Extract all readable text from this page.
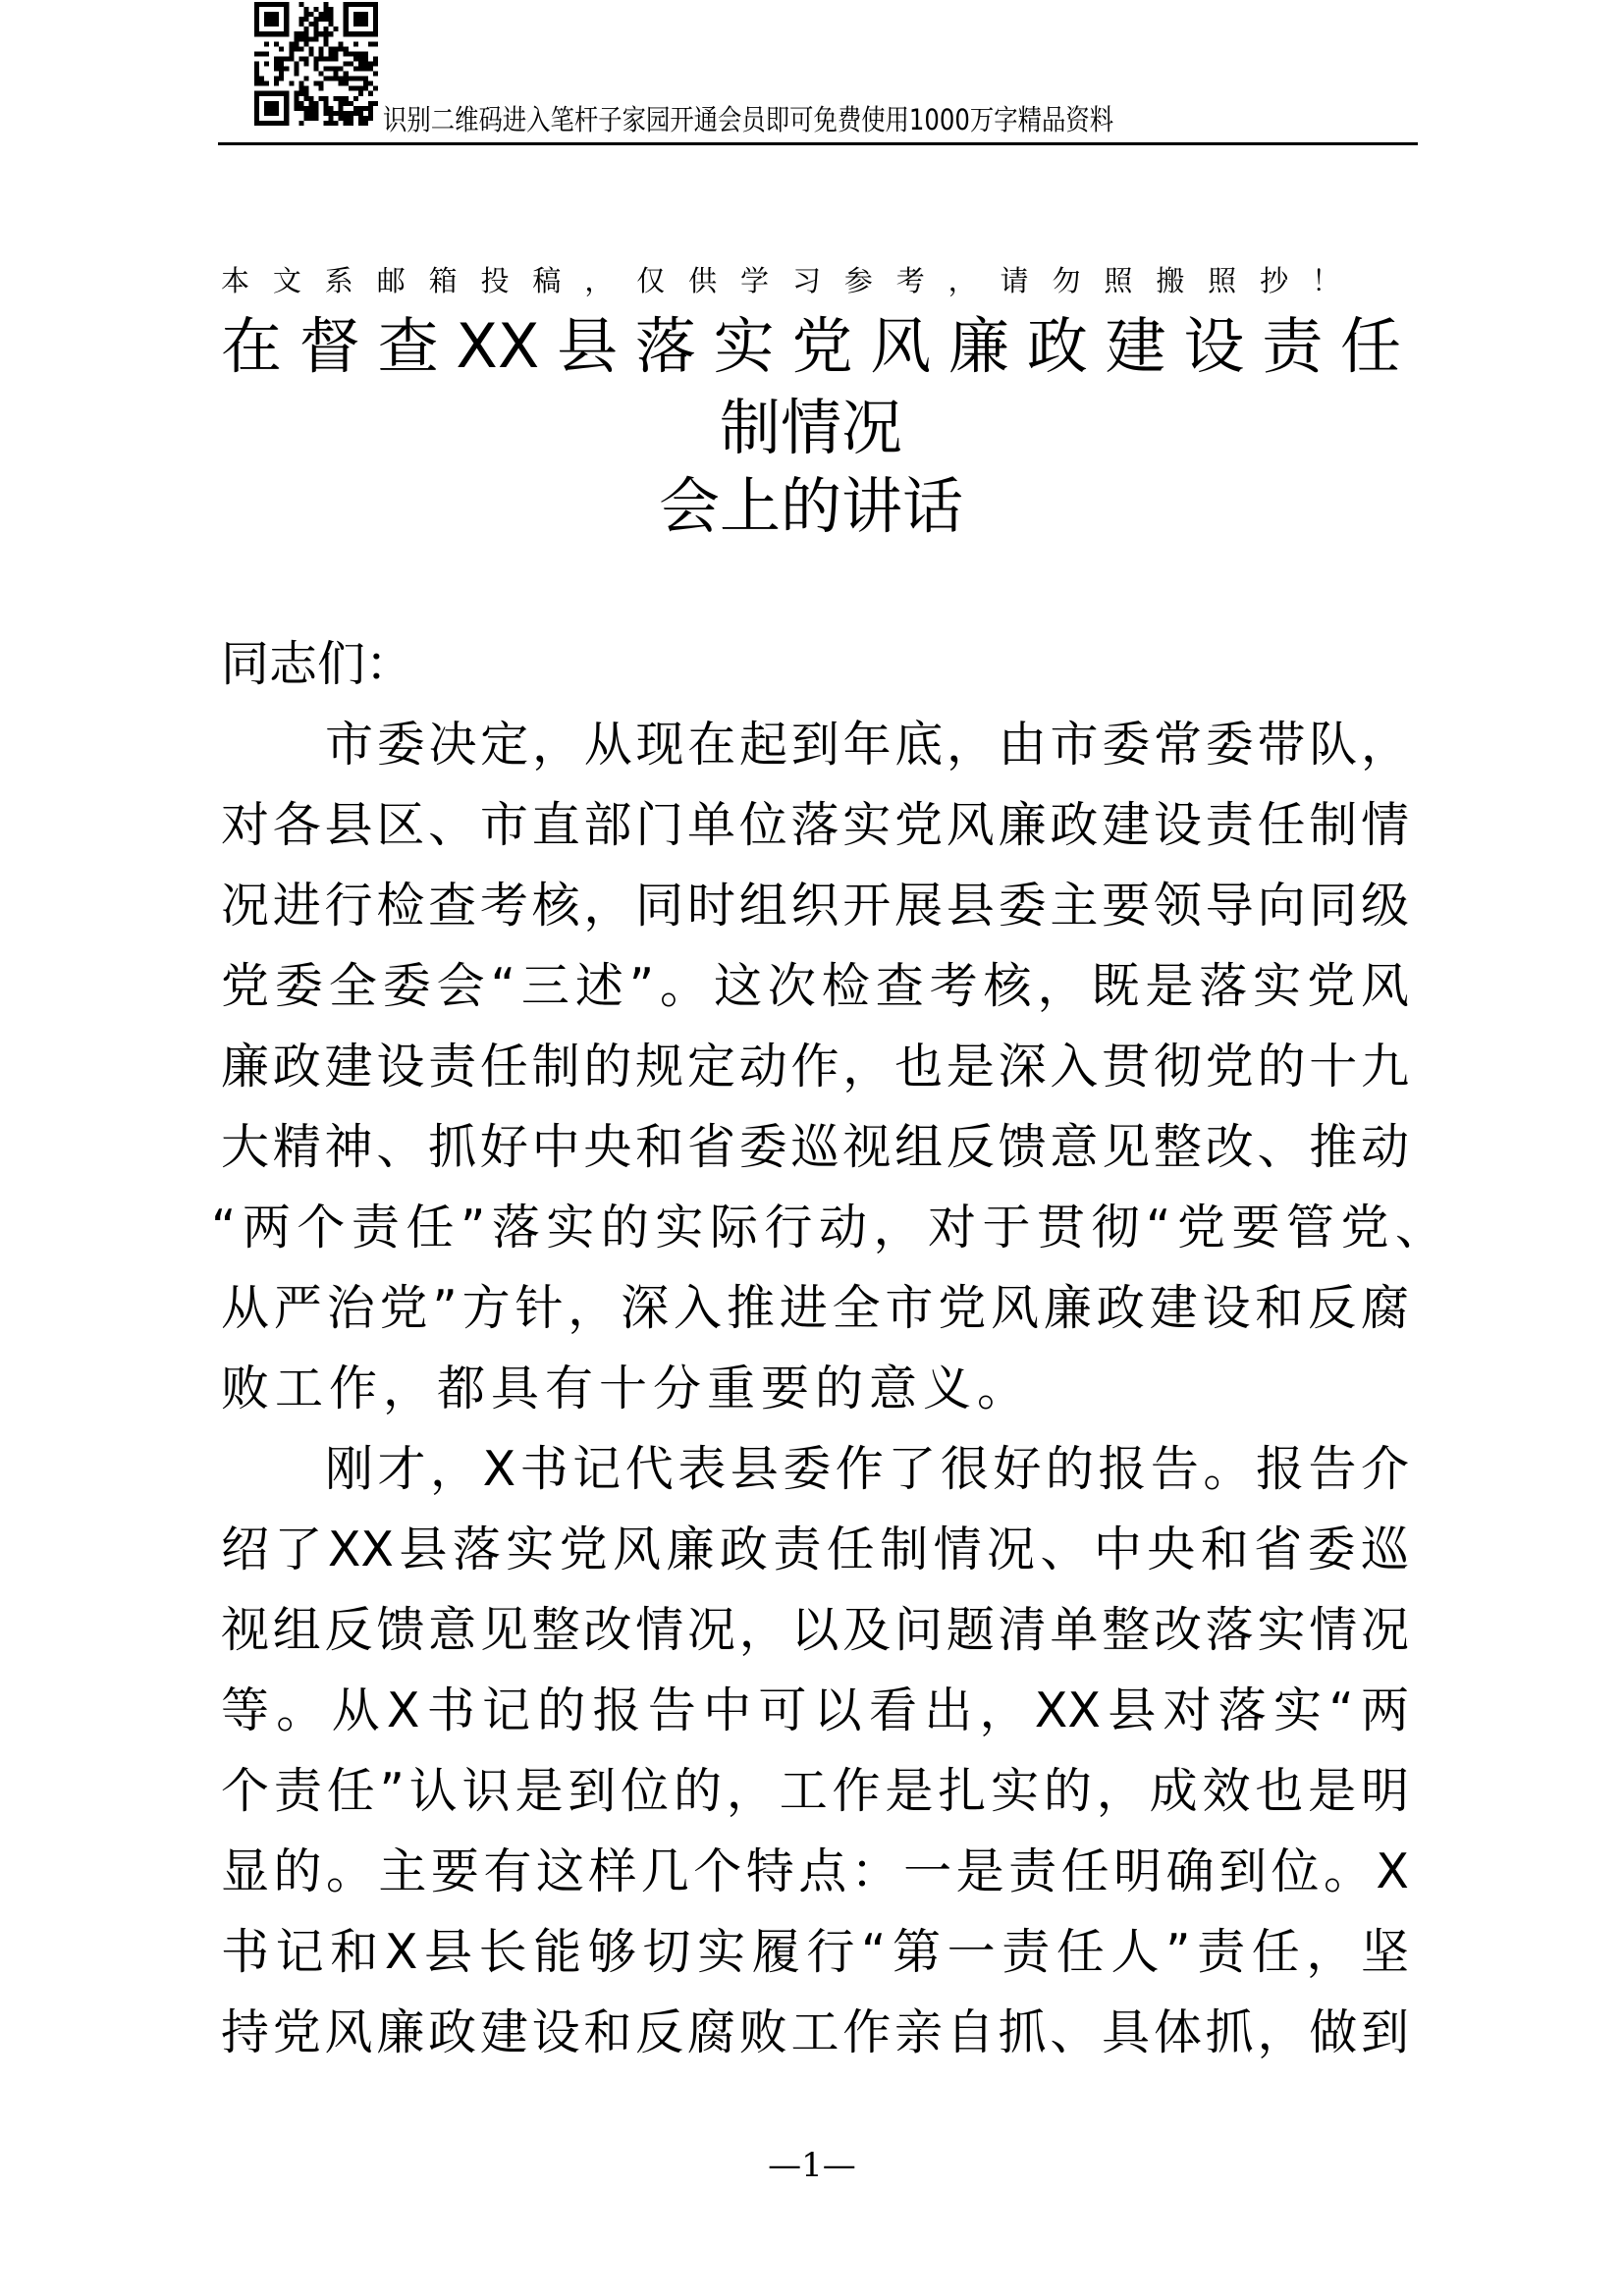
识别二维码进入笔杆子家园开通会员即可免费使用1000万字精品资料
本文系邮箱投稿，仅供学习参考，请勿照搬照抄！
在督查XX县落实党风廉政建设责任
制情况
会上的讲话
同志们：
市委决定，从现在起到年底，由市委常委带队，
对各县区、市直部门单位落实党风廉政建设责任制情
况进行检查考核，同时组织开展县委主要领导向同级
党委全委会“三述”。这次检查考核，既是落实党风
廉政建设责任制的规定动作，也是深入贯彻党的十九
大精神、抓好中央和省委巡视组反馈意见整改、推动
“两个责任”落实的实际行动，对于贯彻“党要管党、
从严治党”方针，深入推进全市党风廉政建设和反腐
败工作，都具有十分重要的意义。
刚才，X书记代表县委作了很好的报告。报告介
绍了XX县落实党风廉政责任制情况、中央和省委巡
视组反馈意见整改情况，以及问题清单整改落实情况
等。从X书记的报告中可以看出，XX县对落实“两
个责任”认识是到位的，工作是扎实的，成效也是明
显的。主要有这样几个特点：一是责任明确到位。X
书记和X县长能够切实履行“第一责任人”责任，坚
持党风廉政建设和反腐败工作亲自抓、具体抓，做到
—1—
